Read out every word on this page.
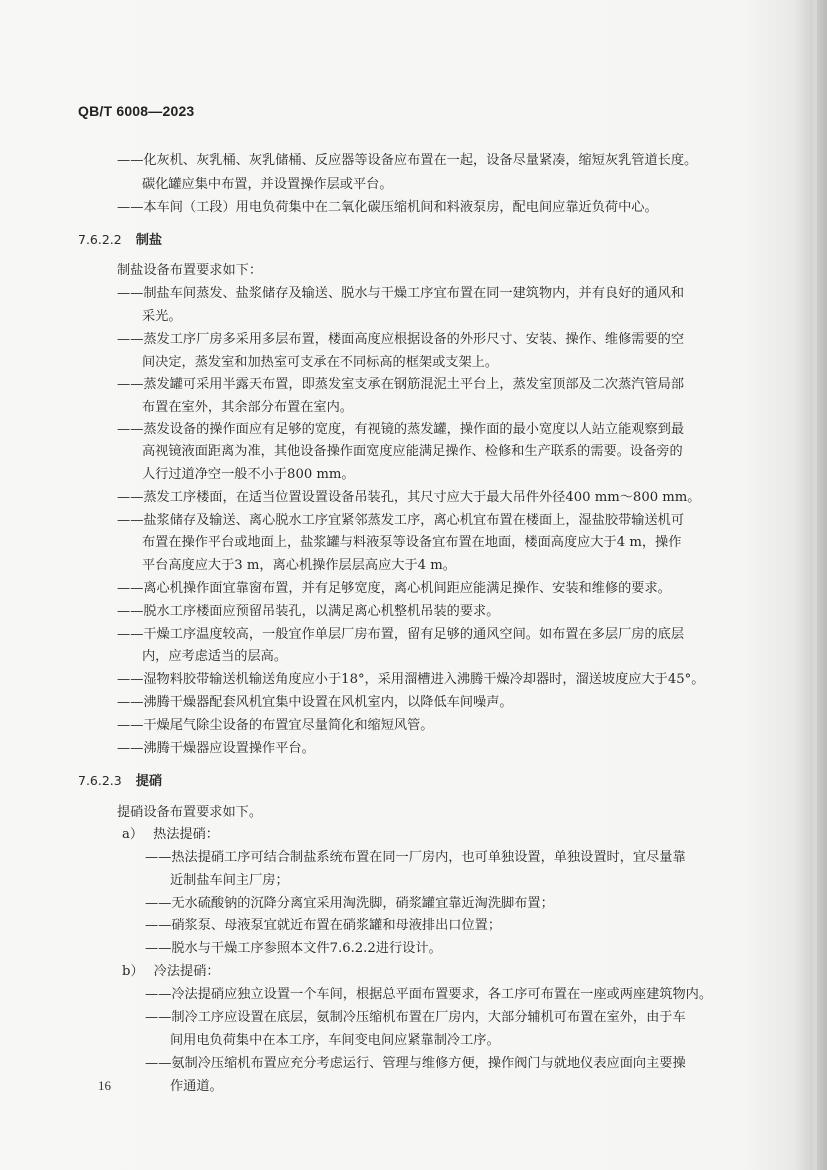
QB/T 6008—2023
——化灰机、灰乳桶、灰乳储桶、反应器等设备应布置在一起，设备尽量紧凑，缩短灰乳管道长度。
碳化罐应集中布置，并设置操作层或平台。
——本车间（工段）用电负荷集中在二氧化碳压缩机间和料液泵房，配电间应靠近负荷中心。
7.6.2.2 制盐
制盐设备布置要求如下：
——制盐车间蒸发、盐浆储存及输送、脱水与干燥工序宜布置在同一建筑物内，并有良好的通风和
采光。
——蒸发工序厂房多采用多层布置，楼面高度应根据设备的外形尺寸、安装、操作、维修需要的空
间决定，蒸发室和加热室可支承在不同标高的框架或支架上。
——蒸发罐可采用半露天布置，即蒸发室支承在钢筋混泥土平台上，蒸发室顶部及二次蒸汽管局部
布置在室外，其余部分布置在室内。
——蒸发设备的操作面应有足够的宽度，有视镜的蒸发罐，操作面的最小宽度以人站立能观察到最
高视镜液面距离为准，其他设备操作面宽度应能满足操作、检修和生产联系的需要。设备旁的
人行过道净空一般不小于800 mm。
——蒸发工序楼面，在适当位置设置设备吊装孔，其尺寸应大于最大吊件外径400 mm～800 mm。
——盐浆储存及输送、离心脱水工序宜紧邻蒸发工序，离心机宜布置在楼面上，湿盐胶带输送机可
布置在操作平台或地面上，盐浆罐与料液泵等设备宜布置在地面，楼面高度应大于4 m，操作
平台高度应大于3 m，离心机操作层层高应大于4 m。
——离心机操作面宜靠窗布置，并有足够宽度，离心机间距应能满足操作、安装和维修的要求。
——脱水工序楼面应预留吊装孔，以满足离心机整机吊装的要求。
——干燥工序温度较高，一般宜作单层厂房布置，留有足够的通风空间。如布置在多层厂房的底层
内，应考虑适当的层高。
——湿物料胶带输送机输送角度应小于18°，采用溜槽进入沸腾干燥冷却器时，溜送坡度应大于45°。
——沸腾干燥器配套风机宜集中设置在风机室内，以降低车间噪声。
——干燥尾气除尘设备的布置宜尽量简化和缩短风管。
——沸腾干燥器应设置操作平台。
7.6.2.3 提硝
提硝设备布置要求如下。
a） 热法提硝：
——热法提硝工序可结合制盐系统布置在同一厂房内，也可单独设置，单独设置时，宜尽量靠
近制盐车间主厂房；
——无水硫酸钠的沉降分离宜采用淘洗脚，硝浆罐宜靠近淘洗脚布置；
——硝浆泵、母液泵宜就近布置在硝浆罐和母液排出口位置；
——脱水与干燥工序参照本文件7.6.2.2进行设计。
b） 冷法提硝：
——冷法提硝应独立设置一个车间，根据总平面布置要求，各工序可布置在一座或两座建筑物内。
——制冷工序应设置在底层，氨制冷压缩机布置在厂房内，大部分辅机可布置在室外，由于车
间用电负荷集中在本工序，车间变电间应紧靠制冷工序。
——氨制冷压缩机布置应充分考虑运行、管理与维修方便，操作阀门与就地仪表应面向主要操
作通道。
16
